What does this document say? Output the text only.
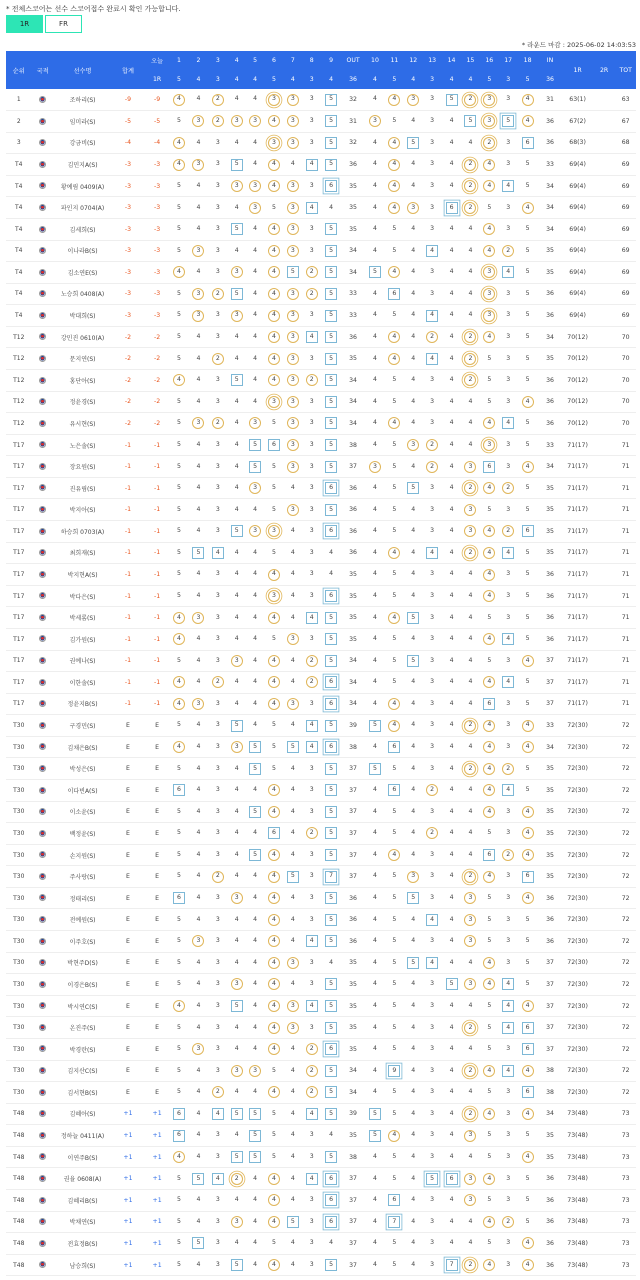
* 전체스코어는 선수 스코어접수 완료시 확인 가능합니다.
1R	FR
* 라운드 마감 : 2025-06-02 14:03:53
순위	국적	선수명	합계	오늘	1	2	3	4	5	6	7	8	9	OUT	10	11	12	13	14	15	16	17	18	IN	1R	2R	TOT
				1R	5	4	3	4	4	5	4	3	4	36	4	5	4	3	4	4	5	3	5	36			
1		조하리(S)	-9	-9	4	4	2	4	4	3	3	3	5	32	4	4	3	3	5	2	3	3	4	31	63(1)		63
2		임미라(S)	-5	-5	5	3	2	3	3	4	3	3	5	31	3	5	4	3	4	5	3	5	4	36	67(2)		67
3		강금비(S)	-4	-4	4	4	3	4	4	3	3	3	5	32	4	4	5	3	4	4	2	3	6	36	68(3)		68
T4		김민지A(S)	-3	-3	4	3	3	5	4	4	4	4	5	36	4	4	4	3	4	2	4	3	5	33	69(4)		69
T4		황예림 0409(A)	-3	-3	5	4	3	3	3	4	3	3	6	35	4	4	4	3	4	2	4	4	5	34	69(4)		69
T4		파인지 0704(A)	-3	-3	5	4	3	4	3	5	3	4	4	35	4	4	3	3	6	2	5	3	4	34	69(4)		69
T4		김세희(S)	-3	-3	5	4	3	5	4	4	3	3	5	35	4	5	4	3	4	4	4	3	5	34	69(4)		69
T4		이나라B(S)	-3	-3	5	3	3	4	4	4	3	3	5	34	4	5	4	4	4	4	4	2	5	35	69(4)		69
T4		김소연E(S)	-3	-3	4	4	3	3	4	4	5	2	5	34	5	4	4	3	4	4	3	4	5	35	69(4)		69
T4		노승희 0408(A)	-3	-3	5	3	2	5	4	4	3	2	5	33	4	6	4	3	4	4	3	3	5	36	69(4)		69
T4		박대희(S)	-3	-3	5	3	3	3	4	4	3	3	5	33	4	5	4	4	4	4	3	3	5	36	69(4)		69
T12		강민진 0610(A)	-2	-2	5	4	3	4	4	4	3	4	5	36	4	4	4	2	4	2	4	3	5	34	70(12)		70
T12		문지연(S)	-2	-2	5	4	2	4	4	4	3	3	5	35	4	4	4	4	4	2	5	3	5	35	70(12)		70
T12		홍단아(S)	-2	-2	4	4	3	5	4	4	3	2	5	34	4	5	4	3	4	2	5	3	5	36	70(12)		70
T12		정윤경(S)	-2	-2	5	4	3	4	4	3	3	3	5	34	4	5	4	3	4	4	5	3	4	36	70(12)		70
T12		유시현(S)	-2	-2	5	3	2	4	3	5	3	3	5	34	4	4	4	3	4	4	4	4	5	36	70(12)		70
T17		노은솔(S)	-1	-1	5	4	3	4	5	6	3	3	5	38	4	5	3	2	4	4	3	3	5	33	71(17)		71
T17		장요원(S)	-1	-1	5	4	3	4	5	5	3	3	5	37	3	5	4	2	4	3	6	3	4	34	71(17)		71
T17		진유림(S)	-1	-1	5	4	3	4	3	5	4	3	6	36	4	5	5	3	4	2	4	2	5	35	71(17)		71
T17		박지아(S)	-1	-1	5	4	3	4	4	5	3	3	5	36	4	5	4	3	4	3	5	3	5	35	71(17)		71
T17		하승희 0703(A)	-1	-1	5	4	3	5	3	3	4	3	6	36	4	5	4	3	4	3	4	2	6	35	71(17)		71
T17		최희재(S)	-1	-1	5	5	4	4	4	5	4	3	4	36	4	4	4	4	4	2	4	4	5	35	71(17)		71
T17		박지현A(S)	-1	-1	5	4	3	4	4	4	4	3	4	35	4	5	4	3	4	4	4	3	5	36	71(17)		71
T17		박다은(S)	-1	-1	5	4	3	4	4	3	4	3	6	35	4	5	4	3	4	4	4	3	5	36	71(17)		71
T17		박세롬(S)	-1	-1	4	3	3	4	4	4	4	4	5	35	4	4	5	3	4	4	5	3	5	36	71(17)		71
T17		김가원(S)	-1	-1	4	4	3	4	4	5	3	3	5	35	4	5	4	3	4	4	4	4	5	36	71(17)		71
T17		권예나(S)	-1	-1	5	4	3	3	4	4	4	2	5	34	4	5	5	3	4	4	5	3	4	37	71(17)		71
T17		이한솔(S)	-1	-1	4	4	2	4	4	4	4	2	6	34	4	5	4	3	4	4	4	4	5	37	71(17)		71
T17		정윤지B(S)	-1	-1	4	3	3	4	4	4	3	3	6	34	4	4	4	3	4	4	6	3	5	37	71(17)		71
T30		구경민(S)	E	E	5	4	3	5	4	5	4	4	5	39	5	4	4	3	4	2	4	3	4	33	72(30)		72
T30		김채은B(S)	E	E	4	4	3	3	5	5	5	4	6	38	4	6	4	3	4	4	4	3	4	34	72(30)		72
T30		박성은(S)	E	E	5	4	3	4	5	5	4	3	5	37	5	5	4	3	4	2	4	2	5	35	72(30)		72
T30		이다빈A(S)	E	E	6	4	3	4	4	4	4	3	5	37	4	6	4	2	4	4	4	4	5	35	72(30)		72
T30		이소윤(S)	E	E	5	4	3	4	5	4	4	3	5	37	4	5	4	3	4	4	4	3	4	35	72(30)		72
T30		백정윤(S)	E	E	5	4	3	4	4	6	4	2	5	37	4	5	4	2	4	4	5	3	4	35	72(30)		72
T30		손지원(S)	E	E	5	4	3	4	5	4	4	3	5	37	4	4	4	3	4	4	6	2	4	35	72(30)		72
T30		주사랑(S)	E	E	5	4	2	4	4	4	5	3	7	37	4	5	3	3	4	2	4	3	6	35	72(30)		72
T30		정태리(S)	E	E	6	4	3	3	4	4	4	3	5	36	4	5	5	3	4	3	5	3	4	36	72(30)		72
T30		전예원(S)	E	E	5	4	3	4	4	4	4	3	5	36	4	5	4	4	4	3	5	3	5	36	72(30)		72
T30		이주호(S)	E	E	5	3	3	4	4	4	4	4	5	36	4	5	4	3	4	3	5	3	5	36	72(30)		72
T30		박현주D(S)	E	E	5	4	3	4	4	4	3	3	4	35	4	5	5	4	4	4	4	3	5	37	72(30)		72
T30		이경은B(S)	E	E	5	4	3	3	4	4	4	3	5	35	4	5	4	3	5	3	4	4	5	37	72(30)		72
T30		박시연C(S)	E	E	4	4	3	5	4	4	3	4	5	35	4	5	4	3	4	4	5	4	4	37	72(30)		72
T30		온진주(S)	E	E	5	4	3	4	4	4	3	3	5	35	4	5	4	3	4	2	5	4	6	37	72(30)		72
T30		박경란(S)	E	E	5	3	3	4	4	4	4	2	6	35	4	5	4	3	4	4	5	3	6	37	72(30)		72
T30		김지산C(S)	E	E	5	4	3	3	3	5	4	2	5	34	4	9	4	3	4	2	4	4	4	38	72(30)		72
T30		김서현B(S)	E	E	5	4	2	4	4	4	4	2	5	34	4	5	4	3	4	4	5	3	6	38	72(30)		72
T48		김혜아(S)	+1	+1	6	4	4	5	5	5	4	4	5	39	5	5	4	3	4	2	4	3	4	34	73(48)		73
T48		정하늘 0411(A)	+1	+1	6	4	3	4	5	5	4	3	4	35	5	4	4	3	4	3	5	3	5	35	73(48)		73
T48		이연주B(S)	+1	+1	4	4	3	5	5	5	4	3	5	38	4	5	4	3	4	4	5	3	4	35	73(48)		73
T48		권율 0608(A)	+1	+1	5	5	4	2	4	4	4	4	6	37	4	5	4	5	6	3	4	3	5	36	73(48)		73
T48		김혜리B(S)	+1	+1	5	4	3	4	4	4	4	3	6	37	4	6	4	3	4	3	5	3	5	36	73(48)		73
T48		박채연(S)	+1	+1	5	4	3	3	4	4	5	3	6	37	4	7	4	3	4	4	4	2	5	36	73(48)		73
T48		전효정B(S)	+1	+1	5	5	3	4	4	5	4	3	4	37	4	5	4	3	4	4	5	3	4	36	73(48)		73
T48		남승희(S)	+1	+1	5	4	3	5	4	4	4	3	5	37	4	5	4	3	7	2	4	3	4	36	73(48)		73
